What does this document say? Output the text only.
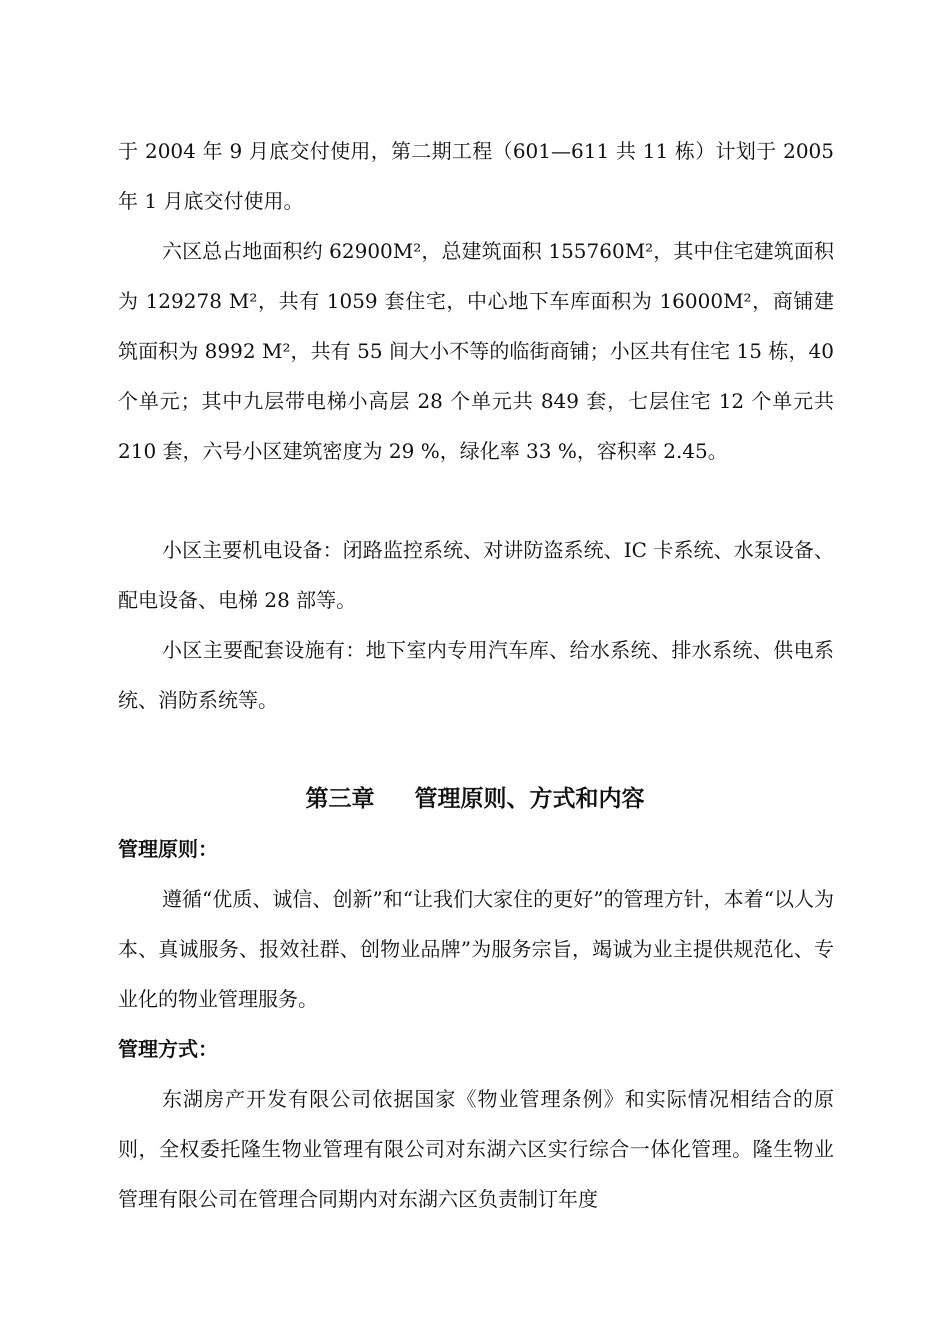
于 2004 年 9 月底交付使用，第二期工程（601—611 共 11 栋）计划于 2005 年 1 月底交付使用。

六区总占地面积约 62900M²，总建筑面积 155760M²，其中住宅建筑面积为 129278 M²，共有 1059 套住宅，中心地下车库面积为 16000M²，商铺建筑面积为 8992 M²，共有 55 间大小不等的临街商铺；小区共有住宅 15 栋，40 个单元；其中九层带电梯小高层 28 个单元共 849 套，七层住宅 12 个单元共 210 套，六号小区建筑密度为 29 %，绿化率 33 %，容积率 2.45。

小区主要机电设备：闭路监控系统、对讲防盗系统、IC 卡系统、水泵设备、配电设备、电梯 28 部等。

小区主要配套设施有：地下室内专用汽车库、给水系统、排水系统、供电系统、消防系统等。

第三章 管理原则、方式和内容
管理原则：

遵循“优质、诚信、创新”和“让我们大家住的更好”的管理方针，本着“以人为本、真诚服务、报效社群、创物业品牌”为服务宗旨，竭诚为业主提供规范化、专业化的物业管理服务。

管理方式：

东湖房产开发有限公司依据国家《物业管理条例》和实际情况相结合的原则，全权委托隆生物业管理有限公司对东湖六区实行综合一体化管理。隆生物业管理有限公司在管理合同期内对东湖六区负责制订年度
